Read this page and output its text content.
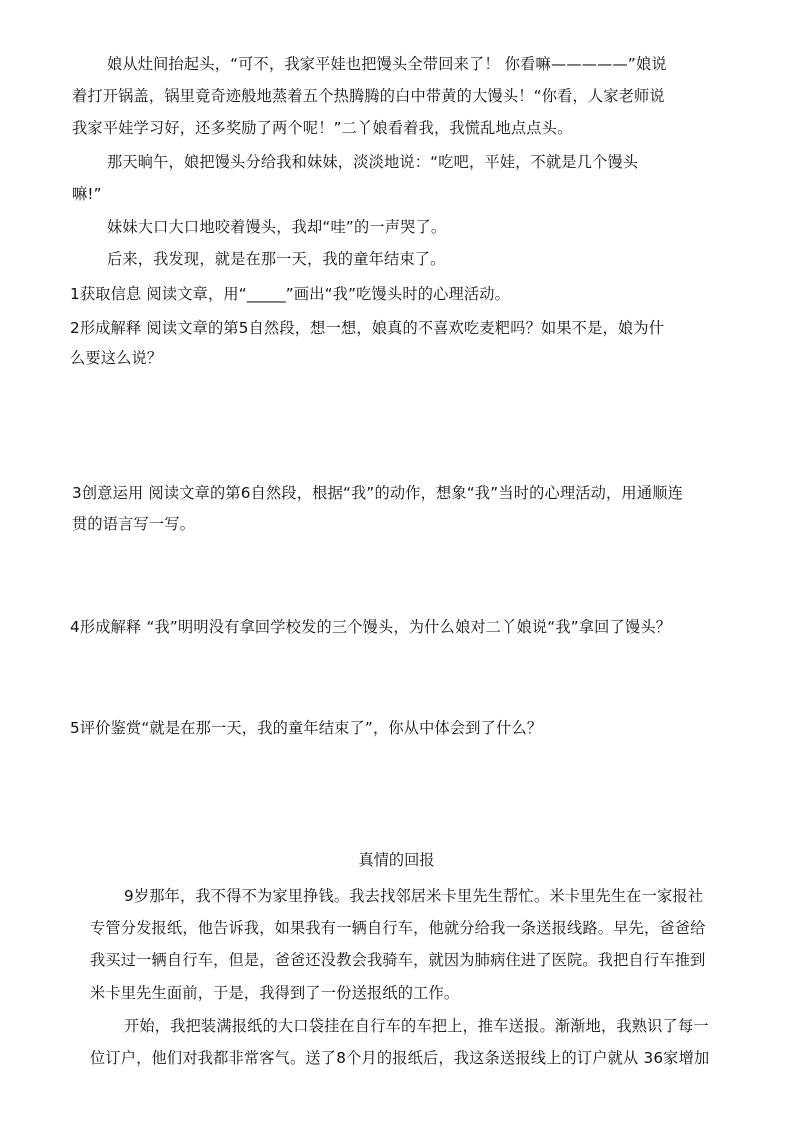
娘从灶间抬起头，“可不，我家平娃也把馒头全带回来了！ 你看嘛—————”娘说
着打开锅盖，锅里竟奇迹般地蒸着五个热腾腾的白中带黄的大馒头！“你看，人家老师说
我家平娃学习好，还多奖励了两个呢！”二丫娘看着我，我慌乱地点点头。
那天晌午，娘把馒头分给我和妹妹，淡淡地说：“吃吧，平娃，不就是几个馒头
嘛!”
妹妹大口大口地咬着馒头，我却“哇”的一声哭了。
后来，我发现，就是在那一天，我的童年结束了。
1获取信息 阅读文章，用“_____”画出“我”吃馒头时的心理活动。
2形成解释 阅读文章的第5自然段，想一想，娘真的不喜欢吃麦粑吗？如果不是，娘为什
么要这么说？
3创意运用 阅读文章的第6自然段，根据“我”的动作，想象“我”当时的心理活动，用通顺连
贯的语言写一写。
4形成解释 “我”明明没有拿回学校发的三个馒头，为什么娘对二丫娘说“我”拿回了馒头？
5评价鉴赏“就是在那一天，我的童年结束了”，你从中体会到了什么？
真情的回报
9岁那年，我不得不为家里挣钱。我去找邻居米卡里先生帮忙。米卡里先生在一家报社
专管分发报纸，他告诉我，如果我有一辆自行车，他就分给我一条送报线路。早先，爸爸给
我买过一辆自行车，但是，爸爸还没教会我骑车，就因为肺病住进了医院。我把自行车推到
米卡里先生面前，于是，我得到了一份送报纸的工作。
开始，我把装满报纸的大口袋挂在自行车的车把上，推车送报。渐渐地，我熟识了每一
位订户，他们对我都非常客气。送了8个月的报纸后，我这条送报线上的订户就从 36家增加
